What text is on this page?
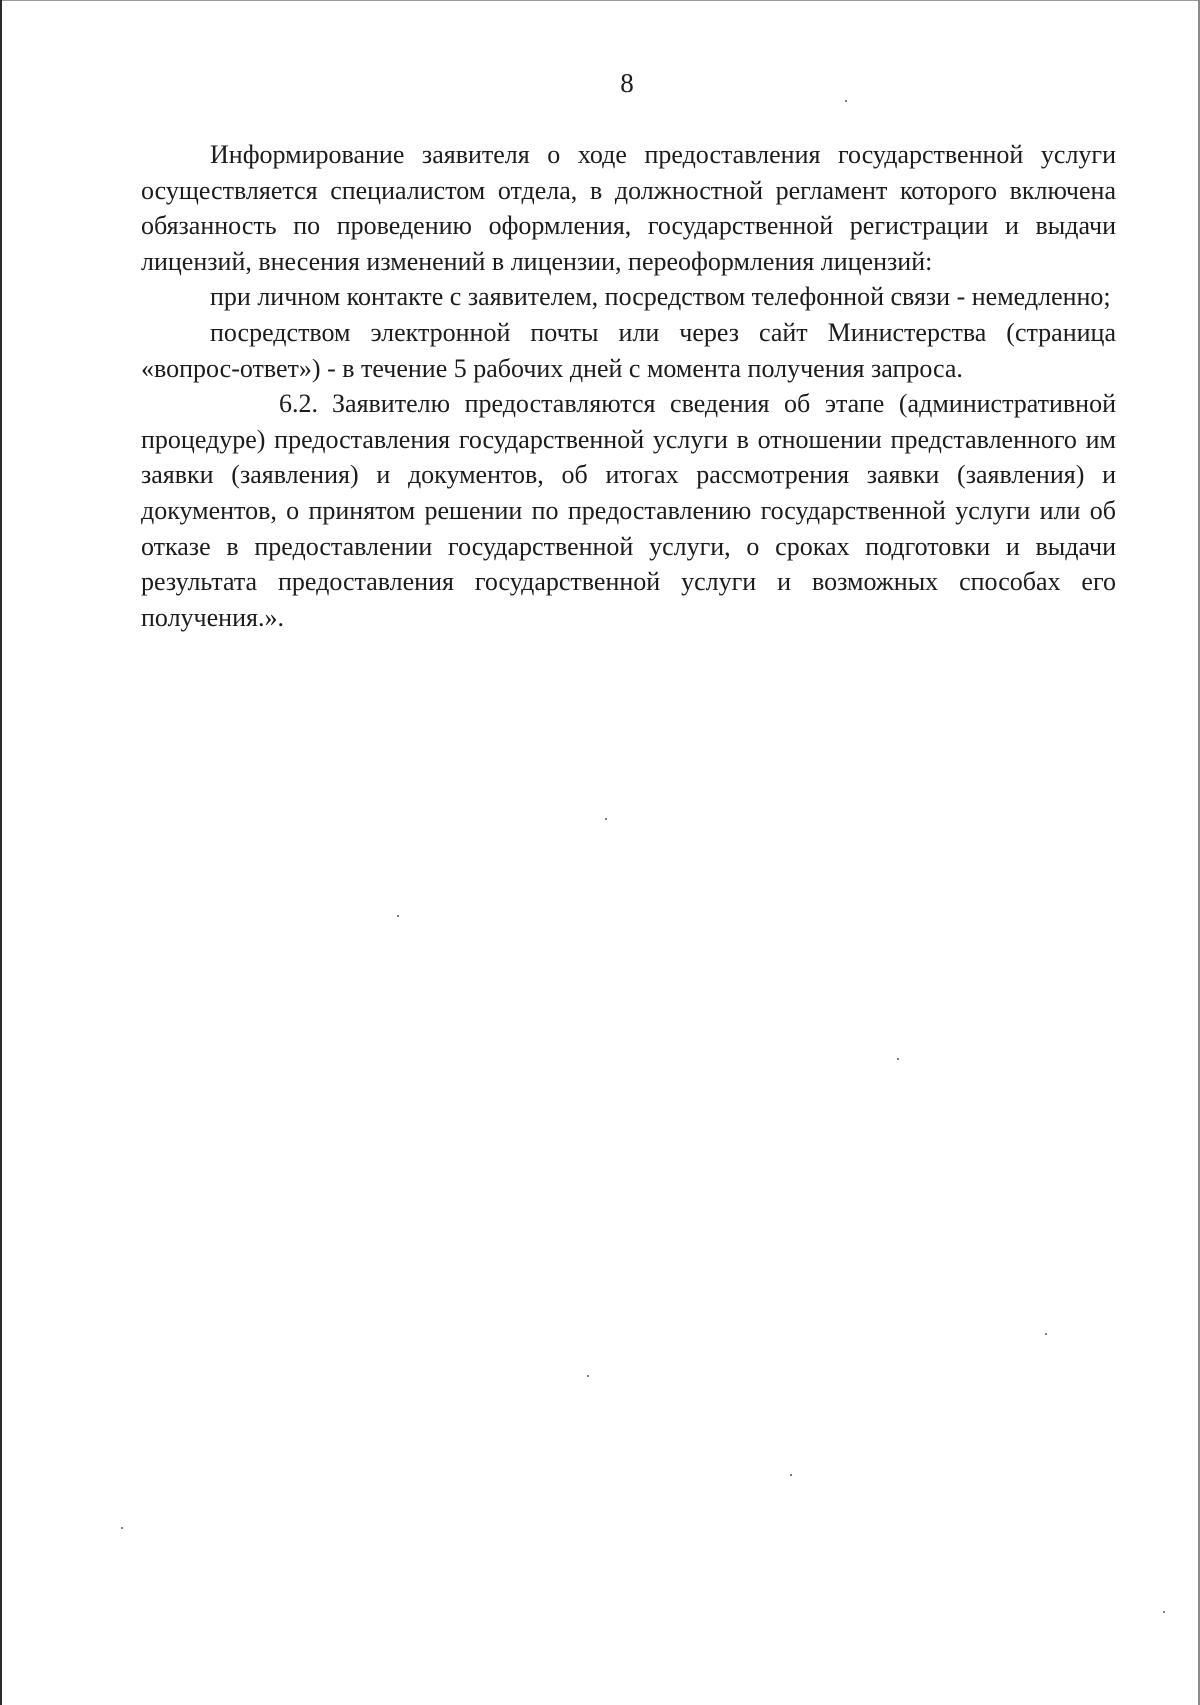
8

Информирование заявителя о ходе предоставления государственной услуги осуществляется специалистом отдела, в должностной регламент которого включена обязанность по проведению оформления, государственной регистрации и выдачи лицензий, внесения изменений в лицензии, переоформления лицензий:

при личном контакте с заявителем, посредством телефонной связи - немедленно;

посредством электронной почты или через сайт Министерства (страница «вопрос-ответ») - в течение 5 рабочих дней с момента получения запроса.

6.2. Заявителю предоставляются сведения об этапе (административной процедуре) предоставления государственной услуги в отношении представленного им заявки (заявления) и документов, об итогах рассмотрения заявки (заявления) и документов, о принятом решении по предоставлению государственной услуги или об отказе в предоставлении государственной услуги, о сроках подготовки и выдачи результата предоставления государственной услуги и возможных способах его получения.».
